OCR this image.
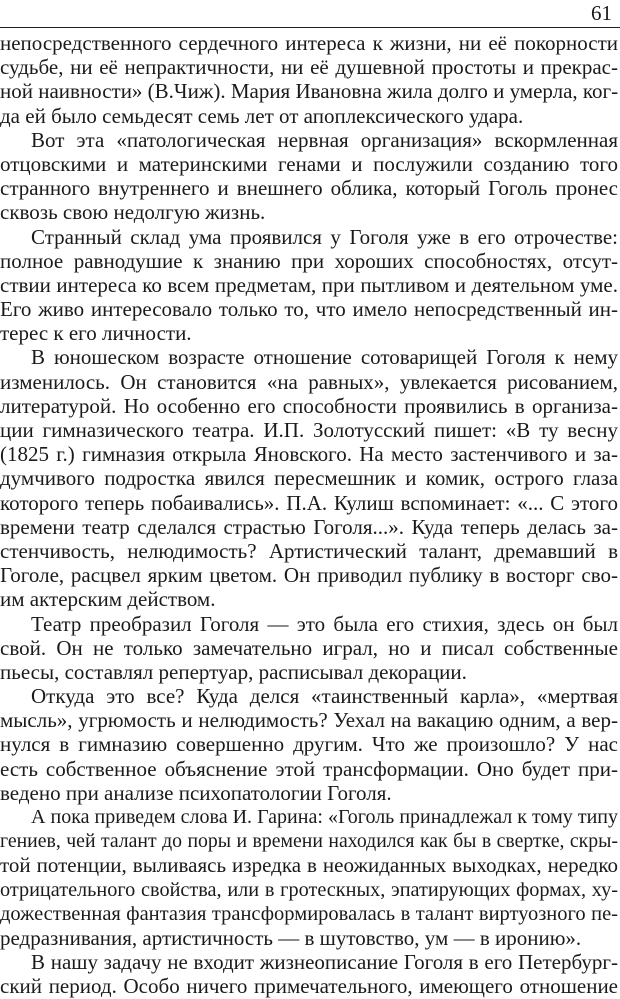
61
непосредственного сердечного интереса к жизни, ни её покорности
судьбе, ни её непрактичности, ни её душевной простоты и прекрас-
ной наивности» (В.Чиж). Мария Ивановна жила долго и умерла, ког-
да ей было семьдесят семь лет от апоплексического удара.
Вот эта «патологическая нервная организация» вскормленная
отцовскими и материнскими генами и послужили созданию того
странного внутреннего и внешнего облика, который Гоголь пронес
сквозь свою недолгую жизнь.
Странный склад ума проявился у Гоголя уже в его отрочестве:
полное равнодушие к знанию при хороших способностях, отсут-
ствии интереса ко всем предметам, при пытливом и деятельном уме.
Его живо интересовало только то, что имело непосредственный ин-
терес к его личности.
В юношеском возрасте отношение сотоварищей Гоголя к нему
изменилось. Он становится «на равных», увлекается рисованием,
литературой. Но особенно его способности проявились в организа-
ции гимназического театра. И.П. Золотусский пишет: «В ту весну
(1825 г.) гимназия открыла Яновского. На место застенчивого и за-
думчивого подростка явился пересмешник и комик, острого глаза
которого теперь побаивались». П.А. Кулиш вспоминает: «... С этого
времени театр сделался страстью Гоголя...». Куда теперь делась за-
стенчивость, нелюдимость? Артистический талант, дремавший в
Гоголе, расцвел ярким цветом. Он приводил публику в восторг сво-
им актерским действом.
Театр преобразил Гоголя — это была его стихия, здесь он был
свой. Он не только замечательно играл, но и писал собственные
пьесы, составлял репертуар, расписывал декорации.
Откуда это все? Куда делся «таинственный карла», «мертвая
мысль», угрюмость и нелюдимость? Уехал на вакацию одним, а вер-
нулся в гимназию совершенно другим. Что же произошло? У нас
есть собственное объяснение этой трансформации. Оно будет при-
ведено при анализе психопатологии Гоголя.
А пока приведем слова И. Гарина: «Гоголь принадлежал к тому типу
гениев, чей талант до поры и времени находился как бы в свертке, скры-
той потенции, выливаясь изредка в неожиданных выходках, нередко
отрицательного свойства, или в гротескных, эпатирующих формах, ху-
дожественная фантазия трансформировалась в талант виртуозного пе-
редразнивания, артистичность — в шутовство, ум — в иронию».
В нашу задачу не входит жизнеописание Гоголя в его Петербург-
ский период. Особо ничего примечательного, имеющего отношение
